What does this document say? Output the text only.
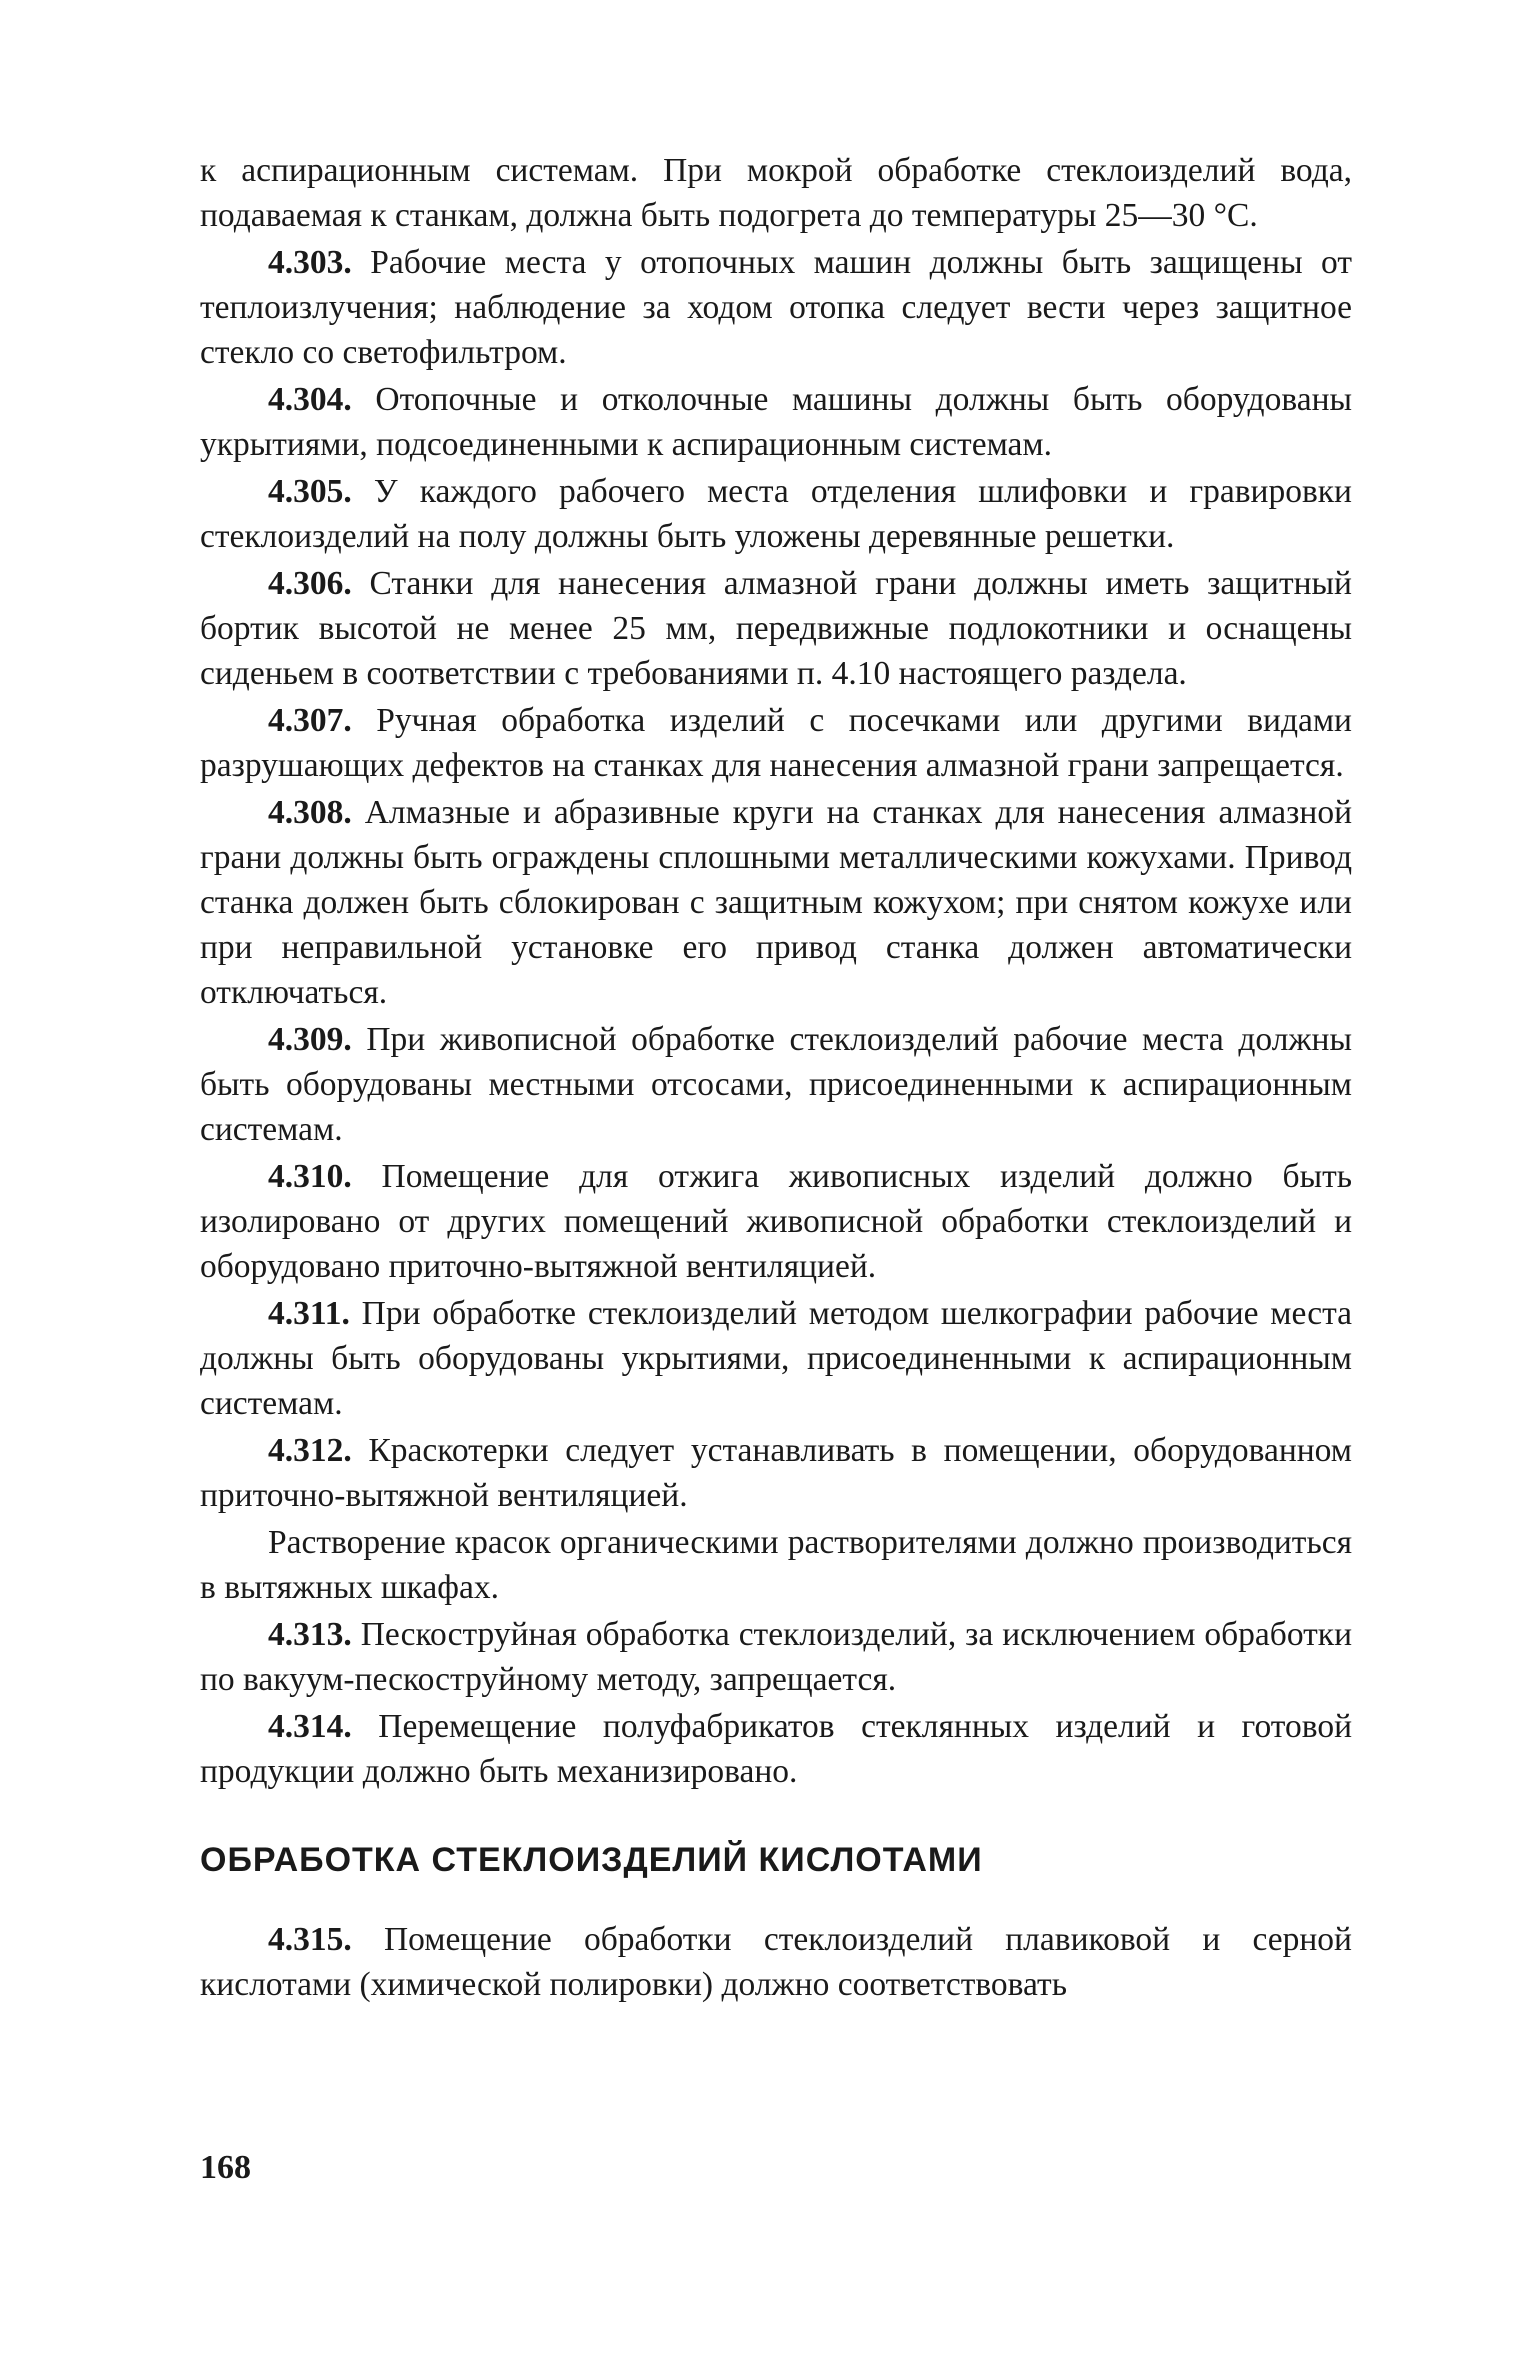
к аспирационным системам. При мокрой обработке стеклоизделий вода, подаваемая к станкам, должна быть подогрета до температуры 25—30 °С.

4.303. Рабочие места у отопочных машин должны быть защищены от теплоизлучения; наблюдение за ходом отопка следует вести через защитное стекло со светофильтром.

4.304. Отопочные и отколочные машины должны быть оборудованы укрытиями, подсоединенными к аспирационным системам.

4.305. У каждого рабочего места отделения шлифовки и гравировки стеклоизделий на полу должны быть уложены деревянные решетки.

4.306. Станки для нанесения алмазной грани должны иметь защитный бортик высотой не менее 25 мм, передвижные подлокотники и оснащены сиденьем в соответствии с требованиями п. 4.10 настоящего раздела.

4.307. Ручная обработка изделий с посечками или другими видами разрушающих дефектов на станках для нанесения алмазной грани запрещается.

4.308. Алмазные и абразивные круги на станках для нанесения алмазной грани должны быть ограждены сплошными металлическими кожухами. Привод станка должен быть сблокирован с защитным кожухом; при снятом кожухе или при неправильной установке его привод станка должен автоматически отключаться.

4.309. При живописной обработке стеклоизделий рабочие места должны быть оборудованы местными отсосами, присоединенными к аспирационным системам.

4.310. Помещение для отжига живописных изделий должно быть изолировано от других помещений живописной обработки стеклоизделий и оборудовано приточно-вытяжной вентиляцией.

4.311. При обработке стеклоизделий методом шелкографии рабочие места должны быть оборудованы укрытиями, присоединенными к аспирационным системам.

4.312. Краскотерки следует устанавливать в помещении, оборудованном приточно-вытяжной вентиляцией.

Растворение красок органическими растворителями должно производиться в вытяжных шкафах.

4.313. Пескоструйная обработка стеклоизделий, за исключением обработки по вакуум-пескоструйному методу, запрещается.

4.314. Перемещение полуфабрикатов стеклянных изделий и готовой продукции должно быть механизировано.

ОБРАБОТКА СТЕКЛОИЗДЕЛИЙ КИСЛОТАМИ

4.315. Помещение обработки стеклоизделий плавиковой и серной кислотами (химической полировки) должно соответствовать

168
